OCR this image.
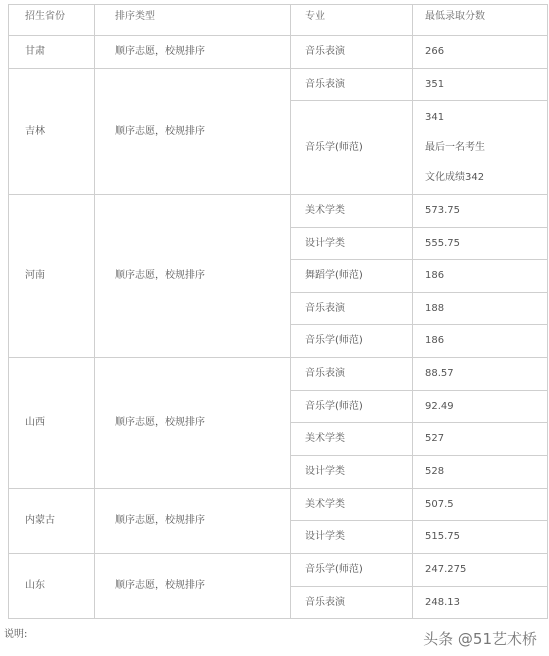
招生省份	排序类型	专业	最低录取分数
甘肃	顺序志愿，校规排序	音乐表演	266
吉林	顺序志愿，校规排序	音乐表演	351
		音乐学(师范)	341
最后一名考生
文化成绩342

河南	顺序志愿，校规排序	美术学类	573.75
		设计学类	555.75
		舞蹈学(师范)	186
		音乐表演	188
		音乐学(师范)	186
山西	顺序志愿，校规排序	音乐表演	88.57
		音乐学(师范)	92.49
		美术学类	527
		设计学类	528
内蒙古	顺序志愿，校规排序	美术学类	507.5
		设计学类	515.75
山东	顺序志愿，校规排序	音乐学(师范)	247.275
		音乐表演	248.13
说明:	头条 @51艺术桥
